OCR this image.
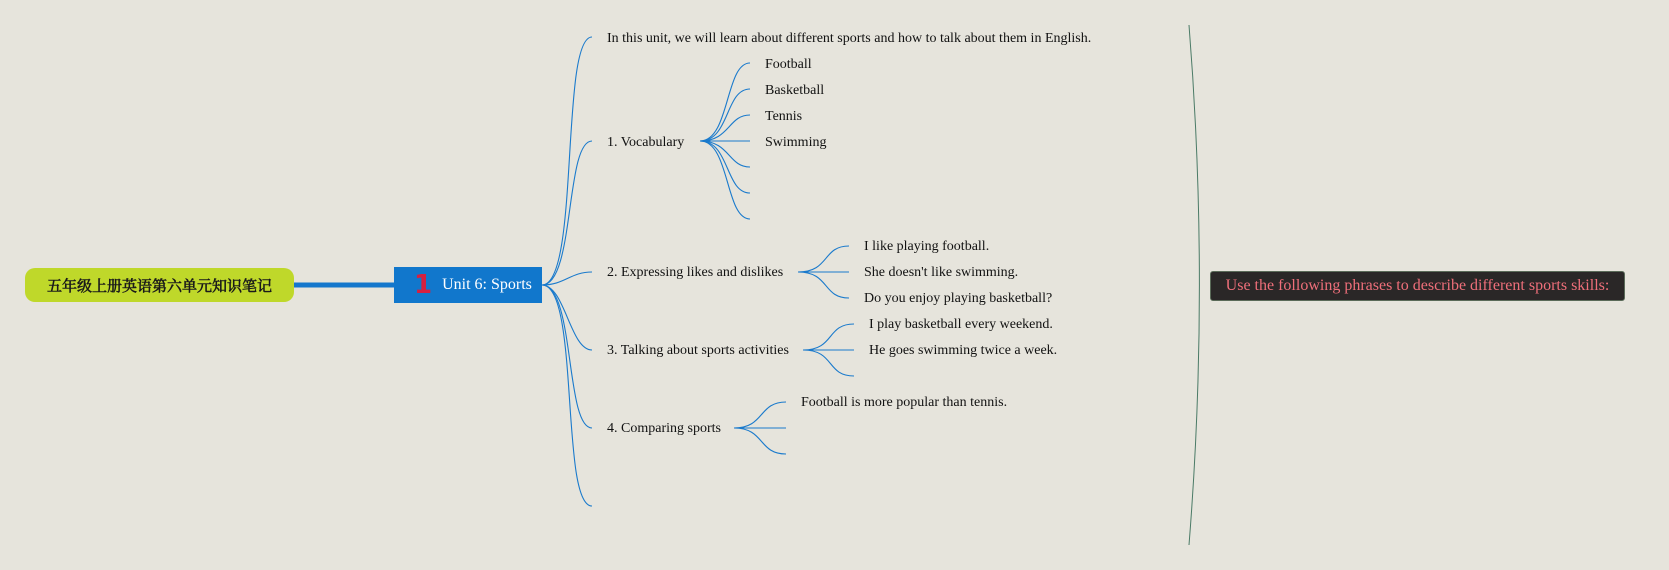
五年级上册英语第六单元知识笔记	1 Unit 6: Sports
In this unit, we will learn about different sports and how to talk about them in English.
1. Vocabulary
Football
Basketball
Tennis
Swimming
2. Expressing likes and dislikes
I like playing football.
She doesn't like swimming.
Do you enjoy playing basketball?
3. Talking about sports activities
I play basketball every weekend.
He goes swimming twice a week.
4. Comparing sports
Football is more popular than tennis.
Use the following phrases to describe different sports skills:
